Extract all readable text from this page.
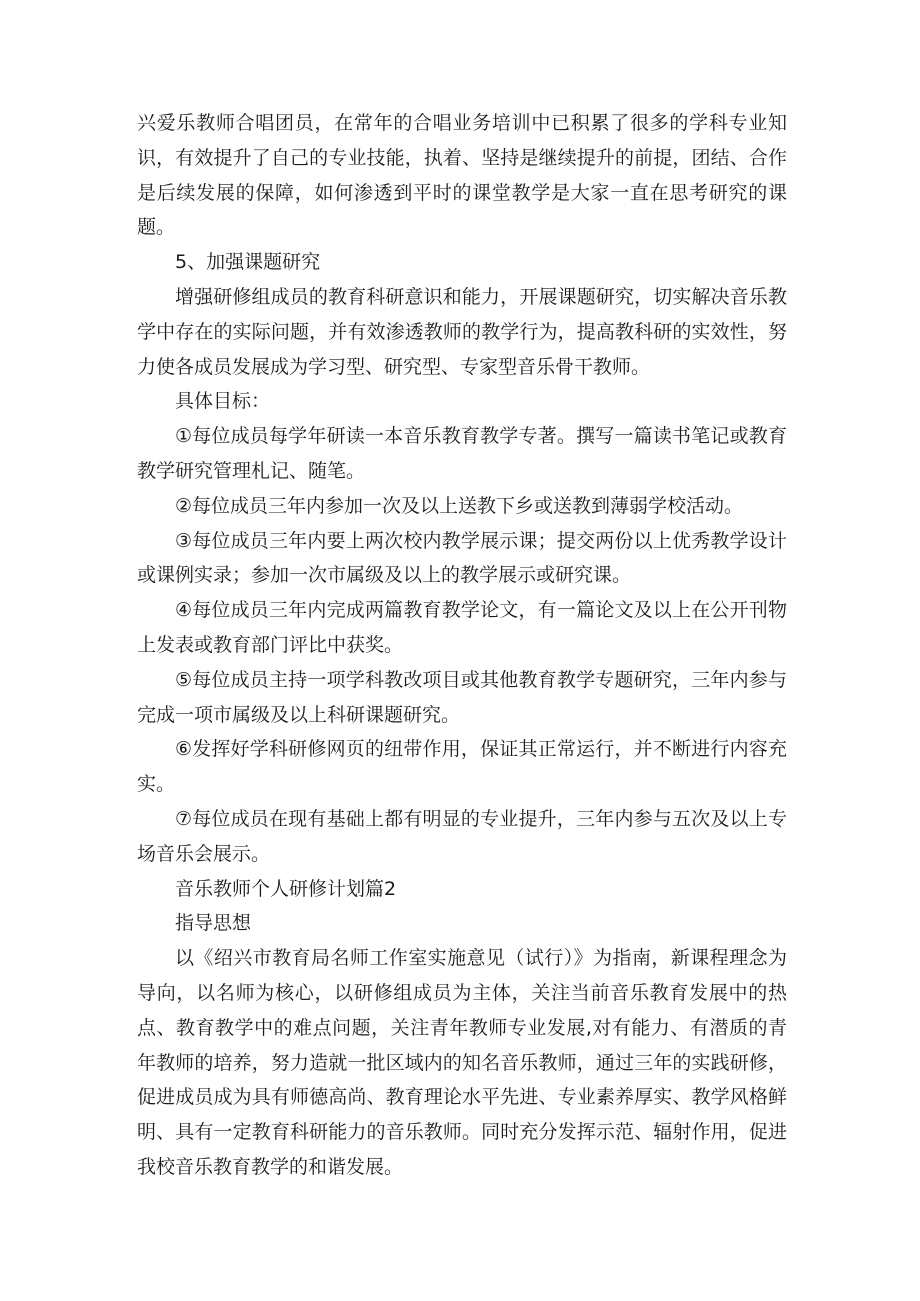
兴爱乐教师合唱团员，在常年的合唱业务培训中已积累了很多的学科专业知识，有效提升了自己的专业技能，执着、坚持是继续提升的前提，团结、合作是后续发展的保障，如何渗透到平时的课堂教学是大家一直在思考研究的课题。

5、加强课题研究

增强研修组成员的教育科研意识和能力，开展课题研究，切实解决音乐教学中存在的实际问题，并有效渗透教师的教学行为，提高教科研的实效性，努力使各成员发展成为学习型、研究型、专家型音乐骨干教师。

具体目标：

①每位成员每学年研读一本音乐教育教学专著。撰写一篇读书笔记或教育教学研究管理札记、随笔。

②每位成员三年内参加一次及以上送教下乡或送教到薄弱学校活动。

③每位成员三年内要上两次校内教学展示课；提交两份以上优秀教学设计或课例实录；参加一次市属级及以上的教学展示或研究课。

④每位成员三年内完成两篇教育教学论文，有一篇论文及以上在公开刊物上发表或教育部门评比中获奖。

⑤每位成员主持一项学科教改项目或其他教育教学专题研究，三年内参与完成一项市属级及以上科研课题研究。

⑥发挥好学科研修网页的纽带作用，保证其正常运行，并不断进行内容充实。

⑦每位成员在现有基础上都有明显的专业提升，三年内参与五次及以上专场音乐会展示。

音乐教师个人研修计划篇2

指导思想

以《绍兴市教育局名师工作室实施意见（试行）》为指南，新课程理念为导向，以名师为核心，以研修组成员为主体，关注当前音乐教育发展中的热点、教育教学中的难点问题，关注青年教师专业发展,对有能力、有潜质的青年教师的培养，努力造就一批区域内的知名音乐教师，通过三年的实践研修，促进成员成为具有师德高尚、教育理论水平先进、专业素养厚实、教学风格鲜明、具有一定教育科研能力的音乐教师。同时充分发挥示范、辐射作用，促进我校音乐教育教学的和谐发展。
